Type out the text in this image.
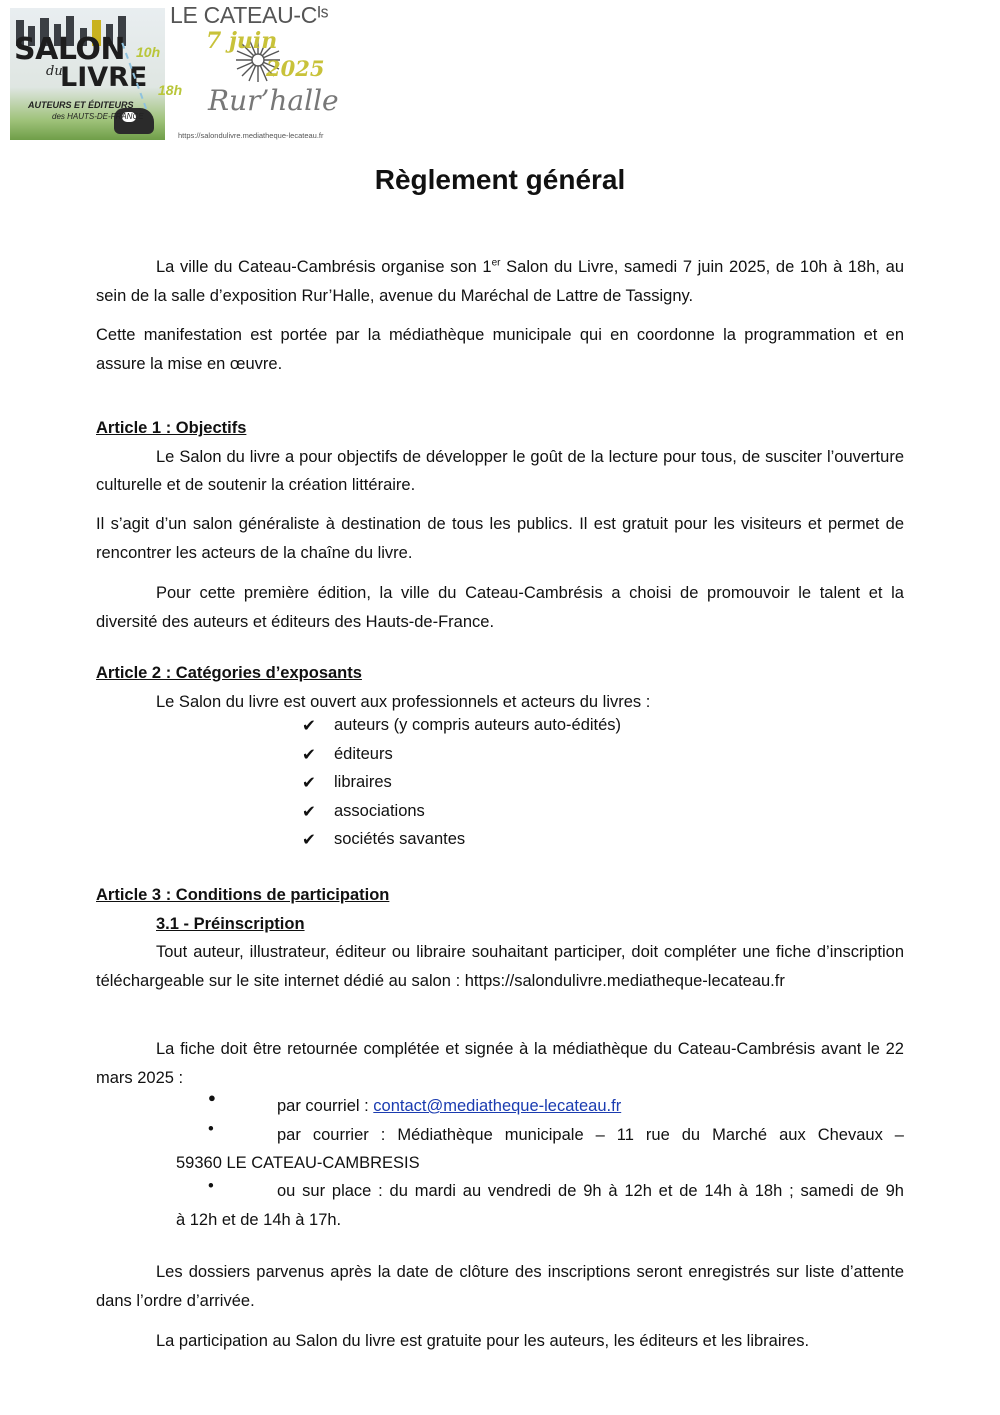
SALON
du
LIVRE
AUTEURS ET ÉDITEURS
des HAUTS-DE-FRANCE
10h
18h
LE CATEAU-Cᴵˢ
7 juin
2025
Rur’halle
https://salondulivre.mediatheque-lecateau.fr
Règlement général

La ville du Cateau-Cambrésis organise son 1er Salon du Livre, samedi 7 juin 2025, de 10h à 18h, au sein de la salle d’exposition Rur’Halle, avenue du Maréchal de Lattre de Tassigny.

Cette manifestation est portée par la médiathèque municipale qui en coordonne la programmation et en assure la mise en œuvre.

Article 1 : Objectifs

Le Salon du livre a pour objectifs de développer le goût de la lecture pour tous, de susciter l’ouverture culturelle et de soutenir la création littéraire.

Il s’agit d’un salon généraliste à destination de tous les publics. Il est gratuit pour les visiteurs et permet de rencontrer les acteurs de la chaîne du livre.

Pour cette première édition, la ville du Cateau-Cambrésis a choisi de promouvoir le talent et la diversité des auteurs et éditeurs des Hauts-de-France.

Article 2 : Catégories d’exposants

Le Salon du livre est ouvert aux professionnels et acteurs du livres :

✔ auteurs (y compris auteurs auto-édités)
✔ éditeurs
✔ libraires
✔ associations
✔ sociétés savantes
Article 3 : Conditions de participation
3.1 - Préinscription

Tout auteur, illustrateur, éditeur ou libraire souhaitant participer, doit compléter une fiche d’inscription téléchargeable sur le site internet dédié au salon : https://salondulivre.mediatheque-lecateau.fr

La fiche doit être retournée complétée et signée à la médiathèque du Cateau-Cambrésis avant le 22 mars 2025 :

●	par courriel : contact@mediatheque-lecateau.fr
•	par courrier : Médiathèque municipale – 11 rue du Marché aux Chevaux –

59360 LE CATEAU-CAMBRESIS

•	ou sur place : du mardi au vendredi de 9h à 12h et de 14h à 18h ; samedi de 9h

à 12h et de 14h à 17h.

Les dossiers parvenus après la date de clôture des inscriptions seront enregistrés sur liste d’attente dans l’ordre d’arrivée.

La participation au Salon du livre est gratuite pour les auteurs, les éditeurs et les libraires.
